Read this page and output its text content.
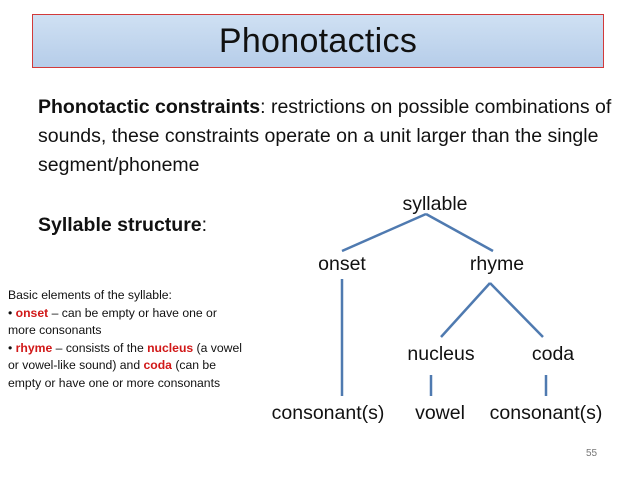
Phonotactics
Phonotactic constraints: restrictions on possible combinations of sounds, these constraints operate on a unit larger than the single segment/phoneme
Syllable structure:
Basic elements of the syllable:
• onset – can be empty or have one or more consonants
• rhyme – consists of the nucleus (a vowel or vowel-like sound) and coda (can be empty or have one or more consonants
syllable
onset	rhyme
nucleus	coda
consonant(s) vowel consonant(s)
55
